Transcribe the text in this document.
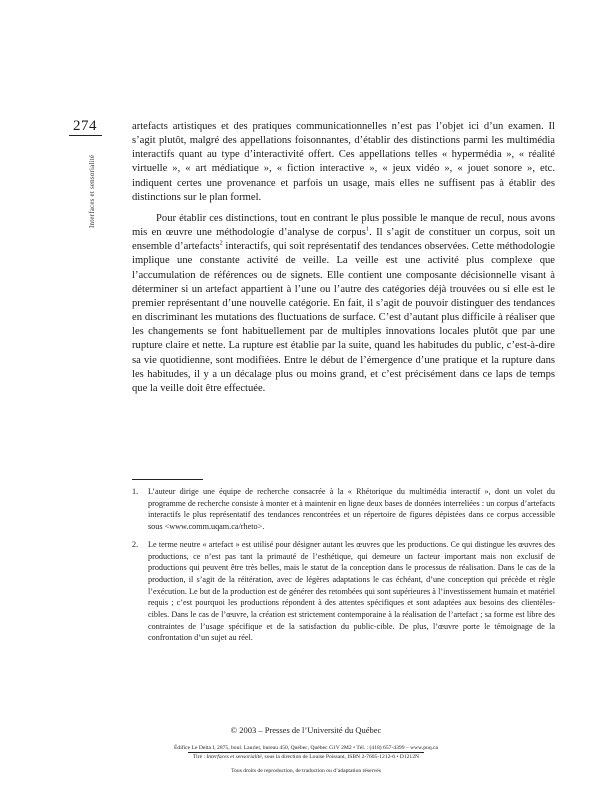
274
Interfaces et sensorialité

artefacts artistiques et des pratiques communicationnelles n’est pas l’objet ici d’un examen. Il s’agit plutôt, malgré des appellations foisonnantes, d’établir des distinctions parmi les multimédia interactifs quant au type d’interactivité offert. Ces appellations telles « hypermédia », « réalité virtuelle », « art médiatique », « fiction interactive », « jeux vidéo », « jouet sonore », etc. indiquent certes une provenance et parfois un usage, mais elles ne suffisent pas à établir des distinctions sur le plan formel.

Pour établir ces distinctions, tout en contrant le plus possible le manque de recul, nous avons mis en œuvre une méthodologie d’analyse de corpus$^1$. Il s’agit de constituer un corpus, soit un ensemble d’artefacts$^2$ interactifs, qui soit représentatif des tendances observées. Cette méthodologie implique une constante activité de veille. La veille est une activité plus complexe que l’accumulation de références ou de signets. Elle contient une composante décisionnelle visant à déterminer si un artefact appartient à l’une ou l’autre des catégories déjà trouvées ou si elle est le premier représentant d’une nouvelle catégorie. En fait, il s’agit de pouvoir distinguer des tendances en discriminant les mutations des fluctuations de surface. C’est d’autant plus difficile à réaliser que les changements se font habituellement par de multiples innovations locales plutôt que par une rupture claire et nette. La rupture est établie par la suite, quand les habitudes du public, c’est-à-dire sa vie quotidienne, sont modifiées. Entre le début de l’émergence d’une pratique et la rupture dans les habitudes, il y a un décalage plus ou moins grand, et c’est précisément dans ce laps de temps que la veille doit être effectuée.

1.	L’auteur dirige une équipe de recherche consacrée à la « Rhétorique du multimédia interactif », dont un volet du programme de recherche consiste à monter et à maintenir en ligne deux bases de données interreliées : un corpus d’artefacts interactifs le plus représentatif des tendances rencontrées et un répertoire de figures dépistées dans ce corpus accessible sous <www.comm.uqam.ca/rheto>.
2.	Le terme neutre « artefact » est utilisé pour désigner autant les œuvres que les productions. Ce qui distingue les œuvres des productions, ce n’est pas tant la primauté de l’esthétique, qui demeure un facteur important mais non exclusif de productions qui peuvent être très belles, mais le statut de la conception dans le processus de réalisation. Dans le cas de la production, il s’agit de la réitération, avec de légères adaptations le cas échéant, d’une conception qui précède et règle l’exécution. Le but de la production est de générer des retombées qui sont supérieures à l’investissement humain et matériel requis ; c’est pourquoi les productions répondent à des attentes spécifiques et sont adaptées aux besoins des clientèles-cibles. Dans le cas de l’œuvre, la création est strictement contemporaine à la réalisation de l’artefact ; sa forme est libre des contraintes de l’usage spécifique et de la satisfaction du public-cible. De plus, l’œuvre porte le témoignage de la confrontation d’un sujet au réel.
© 2003 – Presses de l’Université du Québec
Édifice Le Delta I, 2875, boul. Laurier, bureau 450, Québec, Québec G1V 2M2 • Tél. : (418) 657-4399 – www.puq.ca
Tiré : Interfaces et sensorialité, sous la direction de Louise Poissant, ISBN 2-7605-1212-6 • D1212N
Tous droits de reproduction, de traduction ou d’adaptation réservés
